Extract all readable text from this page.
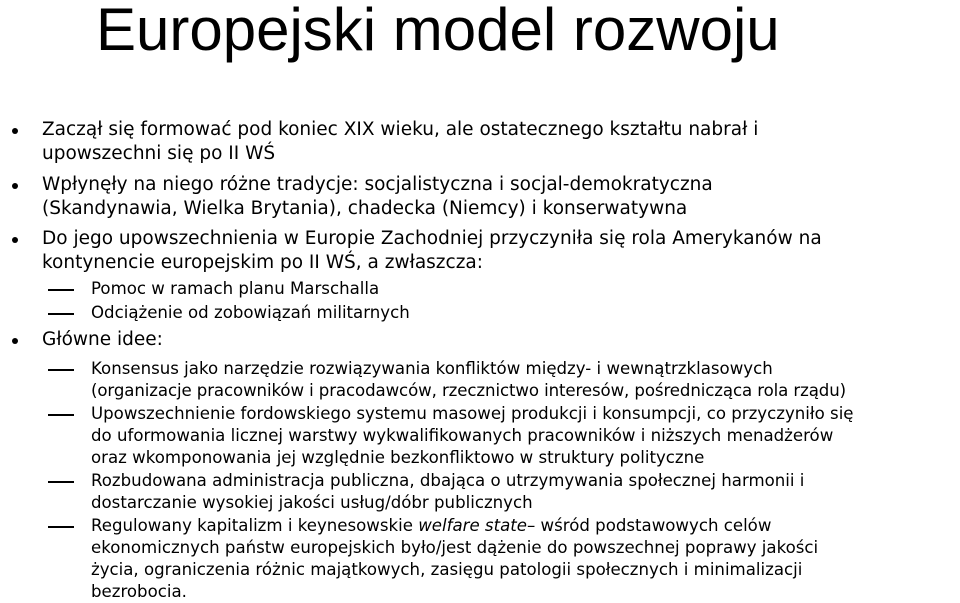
Europejski model rozwoju
Zaczął się formować pod koniec XIX wieku, ale ostatecznego kształtu nabrał i
upowszechni się po II WŚ
Wpłynęły na niego różne tradycje: socjalistyczna i socjal-demokratyczna
(Skandynawia, Wielka Brytania), chadecka (Niemcy) i konserwatywna
Do jego upowszechnienia w Europie Zachodniej przyczyniła się rola Amerykanów na
kontynencie europejskim po II WŚ, a zwłaszcza:
Pomoc w ramach planu Marschalla
Odciążenie od zobowiązań militarnych
Główne idee:
Konsensus jako narzędzie rozwiązywania konfliktów między- i wewnątrzklasowych
(organizacje pracowników i pracodawców, rzecznictwo interesów, pośrednicząca rola rządu)
Upowszechnienie fordowskiego systemu masowej produkcji i konsumpcji, co przyczyniło się
do uformowania licznej warstwy wykwalifikowanych pracowników i niższych menadżerów
oraz wkomponowania jej względnie bezkonfliktowo w struktury polityczne
Rozbudowana administracja publiczna, dbająca o utrzymywania społecznej harmonii i
dostarczanie wysokiej jakości usług/dóbr publicznych
Regulowany kapitalizm i keynesowskie welfare state– wśród podstawowych celów
ekonomicznych państw europejskich było/jest dążenie do powszechnej poprawy jakości
życia, ograniczenia różnic majątkowych, zasięgu patologii społecznych i minimalizacji
bezrobocia.
